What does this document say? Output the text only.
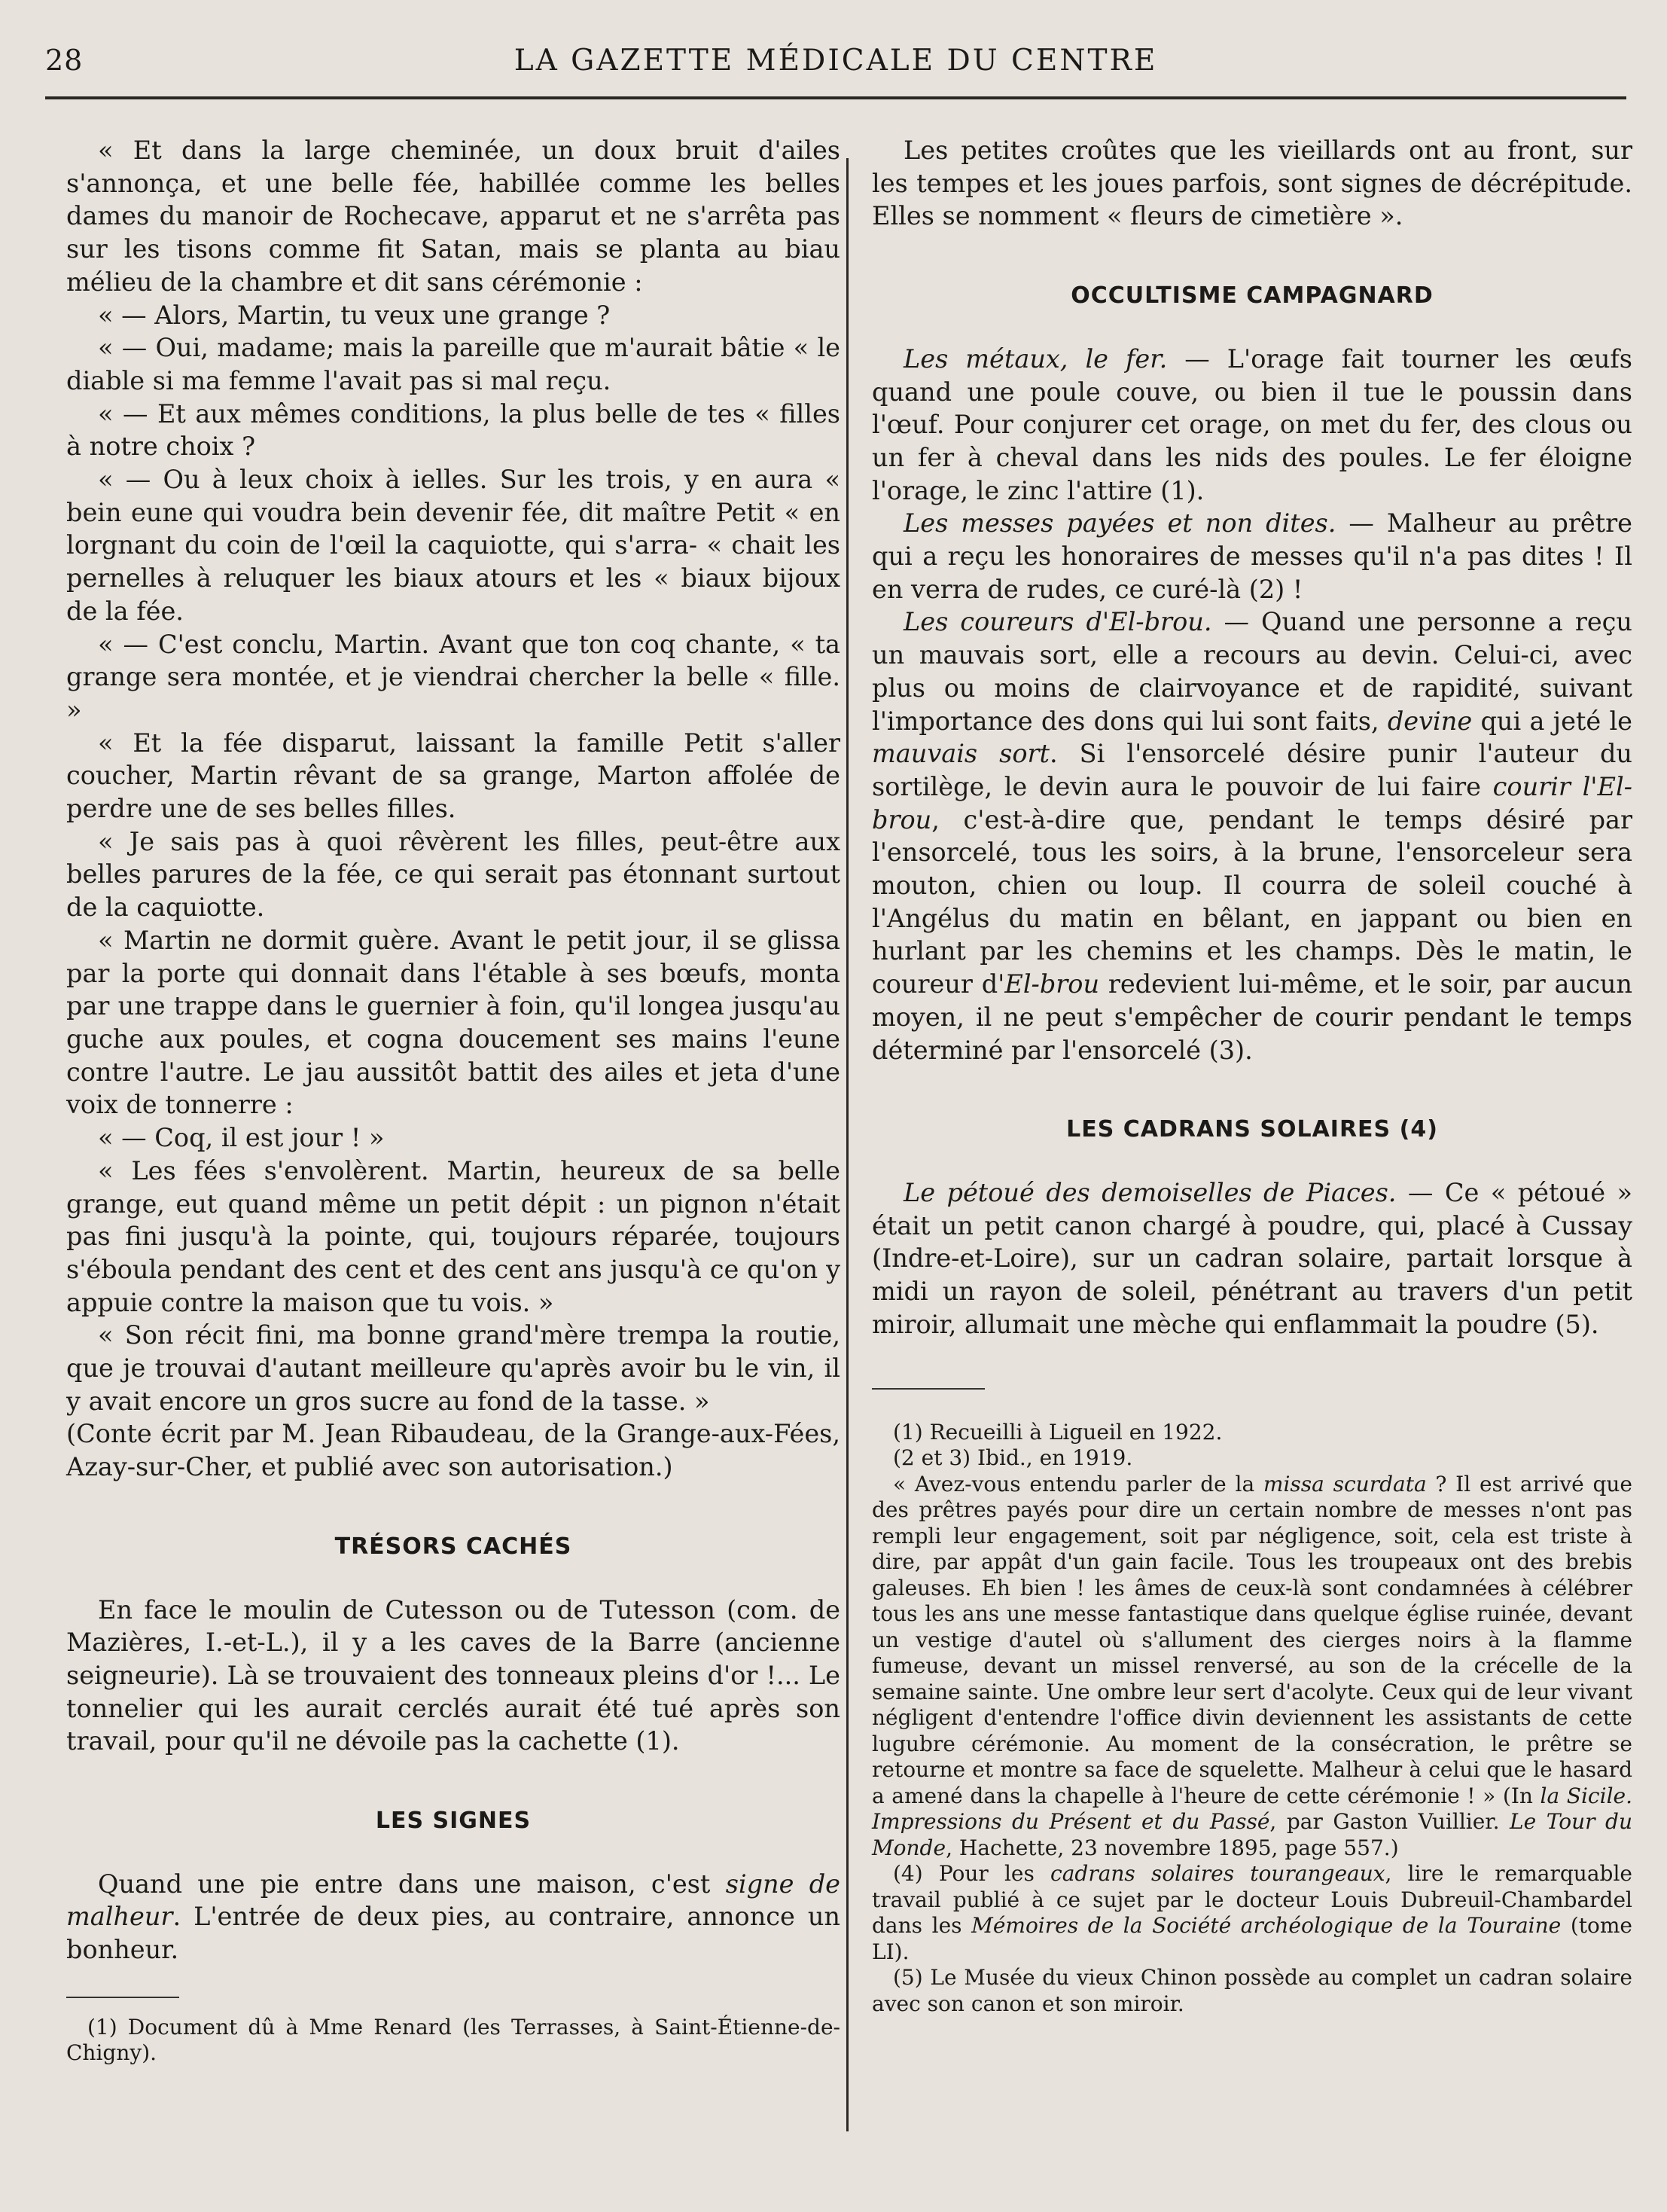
28	LA GAZETTE MÉDICALE DU CENTRE

« Et dans la large cheminée, un doux bruit d'ailes s'annonça, et une belle fée, habillée comme les belles dames du manoir de Rochecave, apparut et ne s'arrêta pas sur les tisons comme fit Satan, mais se planta au biau mélieu de la chambre et dit sans cérémonie :

« — Alors, Martin, tu veux une grange ?

« — Oui, madame; mais la pareille que m'aurait bâtie « le diable si ma femme l'avait pas si mal reçu.

« — Et aux mêmes conditions, la plus belle de tes « filles à notre choix ?

« — Ou à leux choix à ielles. Sur les trois, y en aura « bein eune qui voudra bein devenir fée, dit maître Petit « en lorgnant du coin de l'œil la caquiotte, qui s'arra- « chait les pernelles à reluquer les biaux atours et les « biaux bijoux de la fée.

« — C'est conclu, Martin. Avant que ton coq chante, « ta grange sera montée, et je viendrai chercher la belle « fille. »

« Et la fée disparut, laissant la famille Petit s'aller coucher, Martin rêvant de sa grange, Marton affolée de perdre une de ses belles filles.

« Je sais pas à quoi rêvèrent les filles, peut-être aux belles parures de la fée, ce qui serait pas étonnant surtout de la caquiotte.

« Martin ne dormit guère. Avant le petit jour, il se glissa par la porte qui donnait dans l'étable à ses bœufs, monta par une trappe dans le guernier à foin, qu'il longea jusqu'au guche aux poules, et cogna doucement ses mains l'eune contre l'autre. Le jau aussitôt battit des ailes et jeta d'une voix de tonnerre :

« — Coq, il est jour ! »

« Les fées s'envolèrent. Martin, heureux de sa belle grange, eut quand même un petit dépit : un pignon n'était pas fini jusqu'à la pointe, qui, toujours réparée, toujours s'éboula pendant des cent et des cent ans jusqu'à ce qu'on y appuie contre la maison que tu vois. »

« Son récit fini, ma bonne grand'mère trempa la routie, que je trouvai d'autant meilleure qu'après avoir bu le vin, il y avait encore un gros sucre au fond de la tasse. »

(Conte écrit par M. Jean Ribaudeau, de la Grange-aux-Fées, Azay-sur-Cher, et publié avec son autorisation.)

TRÉSORS CACHÉS

En face le moulin de Cutesson ou de Tutesson (com. de Mazières, I.-et-L.), il y a les caves de la Barre (ancienne seigneurie). Là se trouvaient des tonneaux pleins d'or !... Le tonnelier qui les aurait cerclés aurait été tué après son travail, pour qu'il ne dévoile pas la cachette (1).

LES SIGNES

Quand une pie entre dans une maison, c'est signe de malheur. L'entrée de deux pies, au contraire, annonce un bonheur.

(1) Document dû à Mme Renard (les Terrasses, à Saint-Étienne-de-Chigny).

Les petites croûtes que les vieillards ont au front, sur les tempes et les joues parfois, sont signes de décrépitude. Elles se nomment « fleurs de cimetière ».

OCCULTISME CAMPAGNARD

Les métaux, le fer. — L'orage fait tourner les œufs quand une poule couve, ou bien il tue le poussin dans l'œuf. Pour conjurer cet orage, on met du fer, des clous ou un fer à cheval dans les nids des poules. Le fer éloigne l'orage, le zinc l'attire (1).

Les messes payées et non dites. — Malheur au prêtre qui a reçu les honoraires de messes qu'il n'a pas dites ! Il en verra de rudes, ce curé-là (2) !

Les coureurs d'El-brou. — Quand une personne a reçu un mauvais sort, elle a recours au devin. Celui-ci, avec plus ou moins de clairvoyance et de rapidité, suivant l'importance des dons qui lui sont faits, devine qui a jeté le mauvais sort. Si l'ensorcelé désire punir l'auteur du sortilège, le devin aura le pouvoir de lui faire courir l'El-brou, c'est-à-dire que, pendant le temps désiré par l'ensorcelé, tous les soirs, à la brune, l'ensorceleur sera mouton, chien ou loup. Il courra de soleil couché à l'Angélus du matin en bêlant, en jappant ou bien en hurlant par les chemins et les champs. Dès le matin, le coureur d'El-brou redevient lui-même, et le soir, par aucun moyen, il ne peut s'empêcher de courir pendant le temps déterminé par l'ensorcelé (3).

LES CADRANS SOLAIRES (4)

Le pétoué des demoiselles de Piaces. — Ce « pétoué » était un petit canon chargé à poudre, qui, placé à Cussay (Indre-et-Loire), sur un cadran solaire, partait lorsque à midi un rayon de soleil, pénétrant au travers d'un petit miroir, allumait une mèche qui enflammait la poudre (5).

(1) Recueilli à Ligueil en 1922.

(2 et 3) Ibid., en 1919.

« Avez-vous entendu parler de la missa scurdata ? Il est arrivé que des prêtres payés pour dire un certain nombre de messes n'ont pas rempli leur engagement, soit par négligence, soit, cela est triste à dire, par appât d'un gain facile. Tous les troupeaux ont des brebis galeuses. Eh bien ! les âmes de ceux-là sont condamnées à célébrer tous les ans une messe fantastique dans quelque église ruinée, devant un vestige d'autel où s'allument des cierges noirs à la flamme fumeuse, devant un missel renversé, au son de la crécelle de la semaine sainte. Une ombre leur sert d'acolyte. Ceux qui de leur vivant négligent d'entendre l'office divin deviennent les assistants de cette lugubre cérémonie. Au moment de la consécration, le prêtre se retourne et montre sa face de squelette. Malheur à celui que le hasard a amené dans la chapelle à l'heure de cette cérémonie ! » (In la Sicile. Impressions du Présent et du Passé, par Gaston Vuillier. Le Tour du Monde, Hachette, 23 novembre 1895, page 557.)

(4) Pour les cadrans solaires tourangeaux, lire le remarquable travail publié à ce sujet par le docteur Louis Dubreuil-Chambardel dans les Mémoires de la Société archéologique de la Touraine (tome LI).

(5) Le Musée du vieux Chinon possède au complet un cadran solaire avec son canon et son miroir.
